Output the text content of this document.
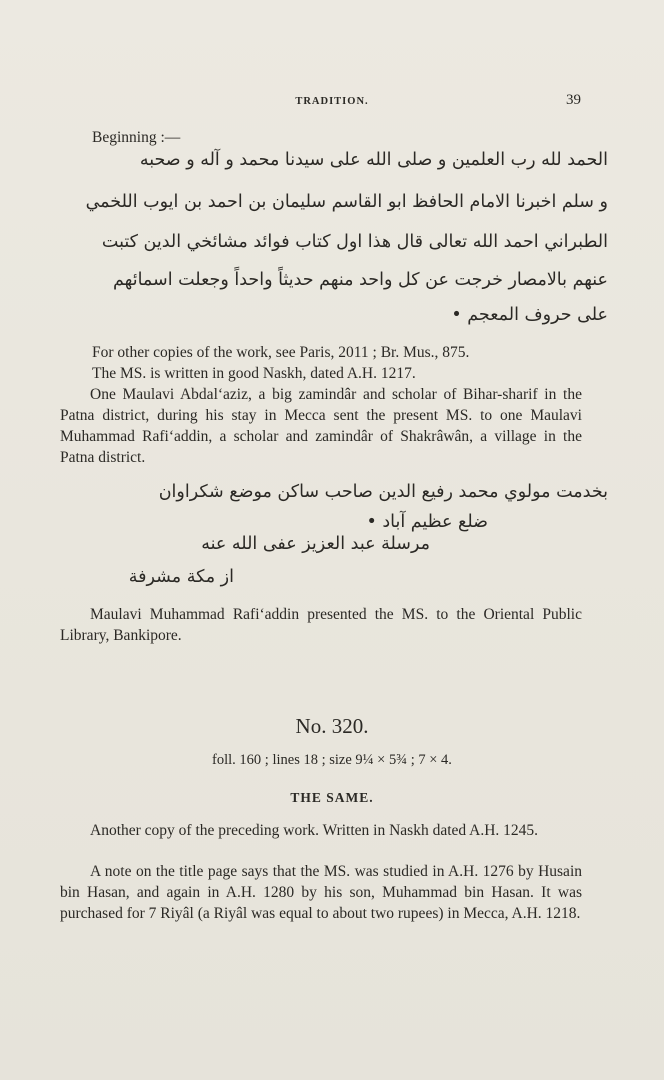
TRADITION.	39
Beginning :—
الحمد لله رب العلمين و صلى الله على سيدنا محمد و آله و صحبه
و سلم اخبرنا الامام الحافظ ابو القاسم سليمان بن احمد بن ايوب اللخمي
الطبراني احمد الله تعالى قال هذا اول كتاب فوائد مشائخي الدين كتبت
عنهم بالامصار خرجت عن كل واحد منهم حديثاً واحداً وجعلت اسمائهم
على حروف المعجم •

For other copies of the work, see Paris, 2011 ; Br. Mus., 875.

The MS. is written in good Naskh, dated A.H. 1217.

One Maulavi Abdal‘aziz, a big zamindâr and scholar of Bihar-sharif in the Patna district, during his stay in Mecca sent the present MS. to one Maulavi Muhammad Rafi‘addin, a scholar and zamindâr of Shakrâwân, a village in the Patna district.

بخدمت مولوي محمد رفيع الدين صاحب ساكن موضع شكراوان
ضلع عظيم آباد •
مرسلة عبد العزيز عفى الله عنه
از مكة مشرفة

Maulavi Muhammad Rafi‘addin presented the MS. to the Oriental Public Library, Bankipore.

No. 320.
foll. 160 ; lines 18 ; size 9¼ × 5¾ ; 7 × 4.
THE SAME.

Another copy of the preceding work. Written in Naskh dated A.H. 1245.

A note on the title page says that the MS. was studied in A.H. 1276 by Husain bin Hasan, and again in A.H. 1280 by his son, Muhammad bin Hasan. It was purchased for 7 Riyâl (a Riyâl was equal to about two rupees) in Mecca, A.H. 1218.
